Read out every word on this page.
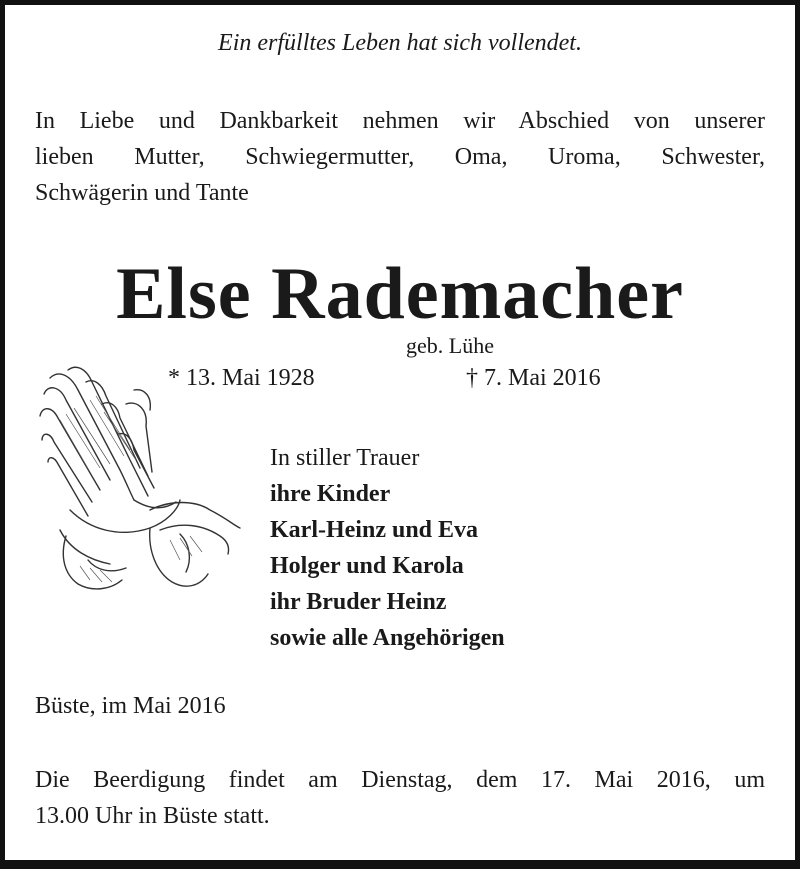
Ein erfülltes Leben hat sich vollendet.
In Liebe und Dankbarkeit nehmen wir Abschied von unserer
lieben Mutter, Schwiegermutter, Oma, Uroma, Schwester,
Schwägerin und Tante
Else Rademacher
geb. Lühe
* 13. Mai 1928	† 7. Mai 2016
In stiller Trauer
ihre Kinder
Karl-Heinz und Eva
Holger und Karola
ihr Bruder Heinz
sowie alle Angehörigen
Büste, im Mai 2016
Die Beerdigung findet am Dienstag, dem 17. Mai 2016, um
13.00 Uhr in Büste statt.
